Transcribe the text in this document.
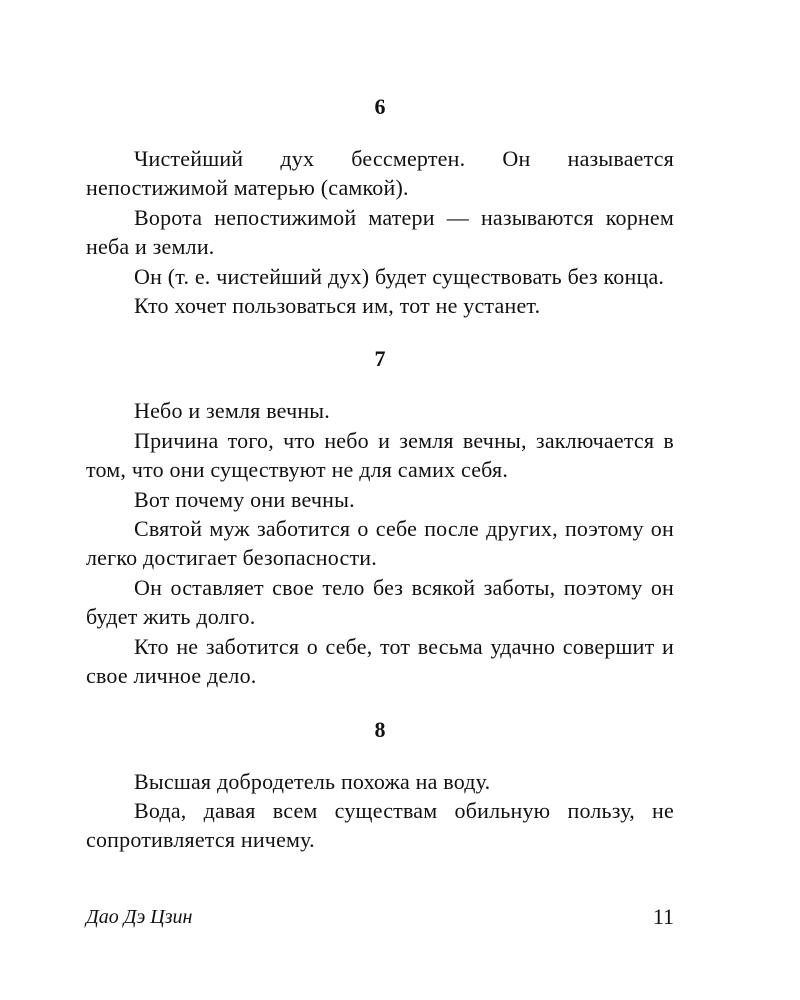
6

Чистейший дух бессмертен. Он называется непостижимой матерью (самкой).

Ворота непостижимой матери — называются корнем неба и земли.

Он (т. е. чистейший дух) будет существовать без конца.

Кто хочет пользоваться им, тот не устанет.

7

Небо и земля вечны.

Причина того, что небо и земля вечны, заключается в том, что они существуют не для самих себя.

Вот почему они вечны.

Святой муж заботится о себе после других, поэтому он легко достигает безопасности.

Он оставляет свое тело без всякой заботы, поэтому он будет жить долго.

Кто не заботится о себе, тот весьма удачно совершит и свое личное дело.

8

Высшая добродетель похожа на воду.

Вода, давая всем существам обильную пользу, не сопротивляется ничему.

Дао Дэ Цзин	11
